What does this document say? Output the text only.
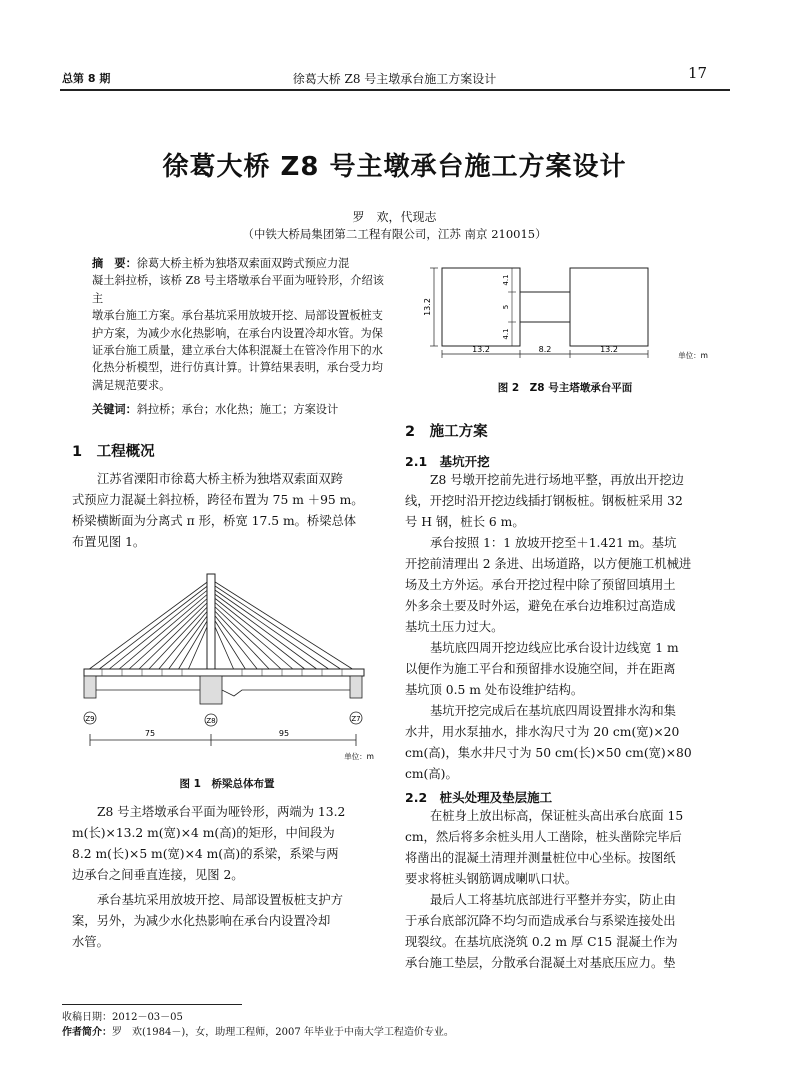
总第 8 期	徐葛大桥 Z8 号主墩承台施工方案设计	17
徐葛大桥 Z8 号主墩承台施工方案设计
罗　欢，代现志
（中铁大桥局集团第二工程有限公司，江苏 南京 210015）
摘　要：徐葛大桥主桥为独塔双索面双跨式预应力混
凝土斜拉桥，该桥 Z8 号主塔墩承台平面为哑铃形，介绍该主
墩承台施工方案。承台基坑采用放坡开挖、局部设置板桩支
护方案，为减少水化热影响，在承台内设置冷却水管。为保
证承台施工质量，建立承台大体积混凝土在管冷作用下的水
化热分析模型，进行仿真计算。计算结果表明，承台受力均
满足规范要求。
关键词：斜拉桥；承台；水化热；施工；方案设计
1　工程概况
江苏省溧阳市徐葛大桥主桥为独塔双索面双跨
式预应力混凝土斜拉桥，跨径布置为 75 m ＋95 m。
桥梁横断面为分离式 π 形，桥宽 17.5 m。桥梁总体
布置见图 1。
Z9	Z8	Z7
75	95
单位：m
图 1　桥梁总体布置
Z8 号主塔墩承台平面为哑铃形，两端为 13.2
m(长)×13.2 m(宽)×4 m(高)的矩形，中间段为
8.2 m(长)×5 m(宽)×4 m(高)的系梁，系梁与两
边承台之间垂直连接，见图 2。
承台基坑采用放坡开挖、局部设置板桩支护方
案，另外，为减少水化热影响在承台内设置冷却
水管。
13.2
4.1
5
4.1
13.2	8.2	13.2
单位：m
图 2　Z8 号主塔墩承台平面
2　施工方案
2.1　基坑开挖
Z8 号墩开挖前先进行场地平整，再放出开挖边
线，开挖时沿开挖边线插打钢板桩。钢板桩采用 32
号 H 钢，桩长 6 m。
承台按照 1：1 放坡开挖至＋1.421 m。基坑
开挖前清理出 2 条进、出场道路，以方便施工机械进
场及土方外运。承台开挖过程中除了预留回填用土
外多余土要及时外运，避免在承台边堆积过高造成
基坑土压力过大。
基坑底四周开挖边线应比承台设计边线宽 1 m
以便作为施工平台和预留排水设施空间，并在距离
基坑顶 0.5 m 处布设维护结构。
基坑开挖完成后在基坑底四周设置排水沟和集
水井，用水泵抽水，排水沟尺寸为 20 cm(宽)×20
cm(高)，集水井尺寸为 50 cm(长)×50 cm(宽)×80
cm(高)。
2.2　桩头处理及垫层施工
在桩身上放出标高，保证桩头高出承台底面 15
cm，然后将多余桩头用人工凿除，桩头凿除完毕后
将凿出的混凝土清理并测量桩位中心坐标。按图纸
要求将桩头钢筋调成喇叭口状。
最后人工将基坑底部进行平整并夯实，防止由
于承台底部沉降不均匀而造成承台与系梁连接处出
现裂纹。在基坑底浇筑 0.2 m 厚 C15 混凝土作为
承台施工垫层，分散承台混凝土对基底压应力。垫
收稿日期：2012－03－05
作者简介：罗　欢(1984－)，女，助理工程师，2007 年毕业于中南大学工程造价专业。
